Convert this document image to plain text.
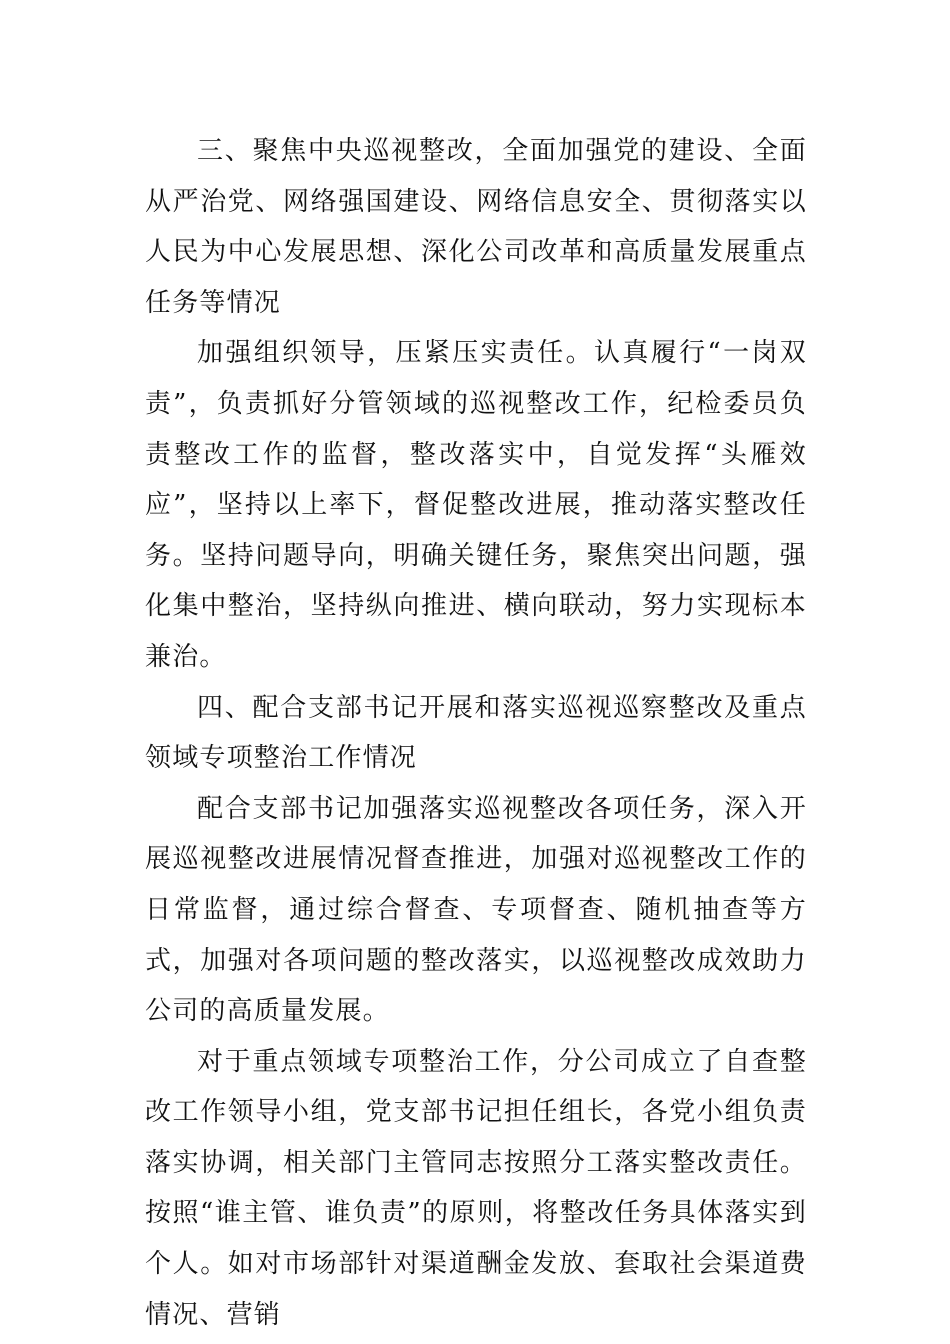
三、聚焦中央巡视整改，全面加强党的建设、全面从严治党、网络强国建设、网络信息安全、贯彻落实以人民为中心发展思想、深化公司改革和高质量发展重点任务等情况

加强组织领导，压紧压实责任。认真履行“一岗双责”，负责抓好分管领域的巡视整改工作，纪检委员负责整改工作的监督，整改落实中，自觉发挥“头雁效应”，坚持以上率下，督促整改进展，推动落实整改任务。坚持问题导向，明确关键任务，聚焦突出问题，强化集中整治，坚持纵向推进、横向联动，努力实现标本兼治。

四、配合支部书记开展和落实巡视巡察整改及重点领域专项整治工作情况

配合支部书记加强落实巡视整改各项任务，深入开展巡视整改进展情况督查推进，加强对巡视整改工作的日常监督，通过综合督查、专项督查、随机抽查等方式，加强对各项问题的整改落实，以巡视整改成效助力公司的高质量发展。

对于重点领域专项整治工作，分公司成立了自查整改工作领导小组，党支部书记担任组长，各党小组负责落实协调，相关部门主管同志按照分工落实整改责任。按照“谁主管、谁负责”的原则，将整改任务具体落实到个人。如对市场部针对渠道酬金发放、套取社会渠道费情况、营销
